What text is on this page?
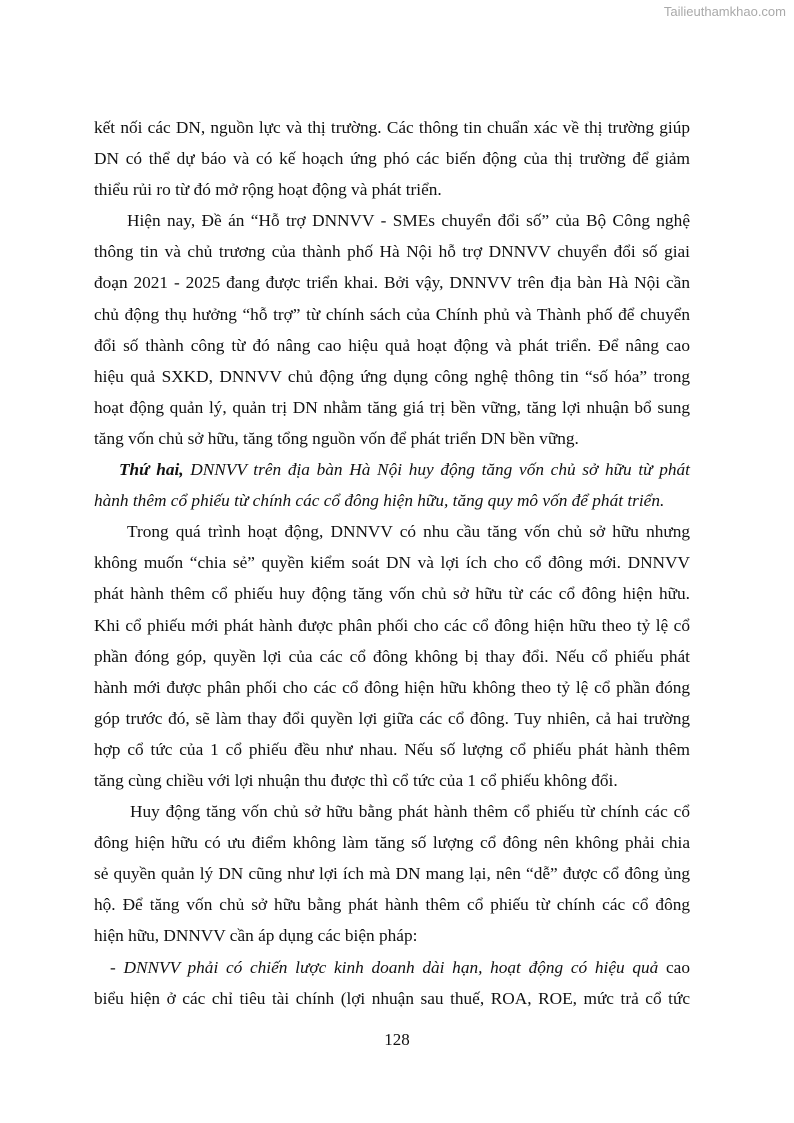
Tailieuthamkhao.com
kết nối các DN, nguồn lực và thị trường. Các thông tin chuẩn xác về thị trường giúp
DN có thể dự báo và có kế hoạch ứng phó các biến động của thị trường để giảm
thiểu rủi ro từ đó mở rộng hoạt động và phát triển.
Hiện nay, Đề án “Hỗ trợ DNNVV - SMEs chuyển đổi số” của Bộ Công nghệ
thông tin và chủ trương của thành phố Hà Nội hỗ trợ DNNVV chuyển đổi số giai
đoạn 2021 - 2025 đang được triển khai. Bởi vậy, DNNVV trên địa bàn Hà Nội cần
chủ động thụ hưởng “hỗ trợ” từ chính sách của Chính phủ và Thành phố để chuyển
đổi số thành công từ đó nâng cao hiệu quả hoạt động và phát triển. Để nâng cao
hiệu quả SXKD, DNNVV chủ động ứng dụng công nghệ thông tin “số hóa” trong
hoạt động quản lý, quản trị DN nhằm tăng giá trị bền vững, tăng lợi nhuận bổ sung
tăng vốn chủ sở hữu, tăng tổng nguồn vốn để phát triển DN bền vững.
Thứ hai, DNNVV trên địa bàn Hà Nội huy động tăng vốn chủ sở hữu từ phát
hành thêm cổ phiếu từ chính các cổ đông hiện hữu, tăng quy mô vốn để phát triển.
Trong quá trình hoạt động, DNNVV có nhu cầu tăng vốn chủ sở hữu nhưng
không muốn “chia sẻ” quyền kiểm soát DN và lợi ích cho cổ đông mới. DNNVV
phát hành thêm cổ phiếu huy động tăng vốn chủ sở hữu từ các cổ đông hiện hữu.
Khi cổ phiếu mới phát hành được phân phối cho các cổ đông hiện hữu theo tỷ lệ cổ
phần đóng góp, quyền lợi của các cổ đông không bị thay đổi. Nếu cổ phiếu phát
hành mới được phân phối cho các cổ đông hiện hữu không theo tỷ lệ cổ phần đóng
góp trước đó, sẽ làm thay đổi quyền lợi giữa các cổ đông. Tuy nhiên, cả hai trường
hợp cổ tức của 1 cổ phiếu đều như nhau. Nếu số lượng cổ phiếu phát hành thêm
tăng cùng chiều với lợi nhuận thu được thì cổ tức của 1 cổ phiếu không đổi.
Huy động tăng vốn chủ sở hữu bằng phát hành thêm cổ phiếu từ chính các cổ
đông hiện hữu có ưu điểm không làm tăng số lượng cổ đông nên không phải chia
sẻ quyền quản lý DN cũng như lợi ích mà DN mang lại, nên “dễ” được cổ đông ủng
hộ. Để tăng vốn chủ sở hữu bằng phát hành thêm cổ phiếu từ chính các cổ đông
hiện hữu, DNNVV cần áp dụng các biện pháp:
- DNNVV phải có chiến lược kinh doanh dài hạn, hoạt động có hiệu quả cao
biểu hiện ở các chỉ tiêu tài chính (lợi nhuận sau thuế, ROA, ROE, mức trả cổ tức
128
